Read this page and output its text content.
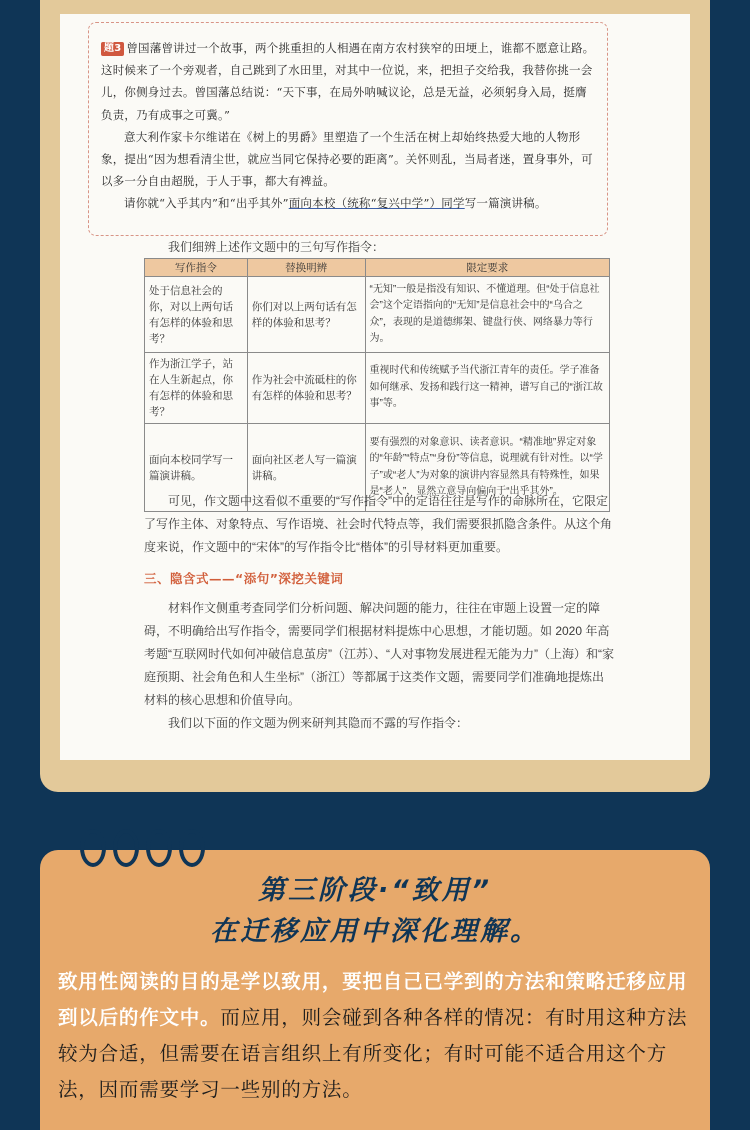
题3 曾国藩曾讲过一个故事，两个挑重担的人相遇在南方农村狭窄的田埂上，谁都不愿意让路。这时候来了一个旁观者，自己跳到了水田里，对其中一位说，来，把担子交给我，我替你挑一会儿，你侧身过去。曾国藩总结说：“天下事，在局外呐喊议论，总是无益，必须躬身入局，挺膺负责，乃有成事之可冀。”

意大利作家卡尔维诺在《树上的男爵》里塑造了一个生活在树上却始终热爱大地的人物形象，提出“因为想看清尘世，就应当同它保持必要的距离”。关怀则乱，当局者迷，置身事外，可以多一分自由超脱，于人于事，都大有裨益。

请你就“入乎其内”和“出乎其外”面向本校（统称“复兴中学”）同学写一篇演讲稿。

我们细辨上述作文题中的三句写作指令：

写作指令	替换明辨	限定要求
处于信息社会的你，对以上两句话有怎样的体验和思考？	你们对以上两句话有怎样的体验和思考？	“无知”一般是指没有知识、不懂道理。但“处于信息社会”这个定语指向的“无知”是信息社会中的“乌合之众”，表现的是道德绑架、键盘行侠、网络暴力等行为。
作为浙江学子，站在人生新起点，你有怎样的体验和思考？	作为社会中流砥柱的你有怎样的体验和思考？	重视时代和传统赋予当代浙江青年的责任。学子准备如何继承、发扬和践行这一精神，谱写自己的“浙江故事”等。
面向本校同学写一篇演讲稿。	面向社区老人写一篇演讲稿。	要有强烈的对象意识、读者意识。“精准地”界定对象的“年龄”“特点”“身份”等信息，说理就有针对性。以“学子”或“老人”为对象的演讲内容显然具有特殊性，如果是“老人”，显然立意导向偏向于“出乎其外”。

可见，作文题中这看似不重要的“写作指令”中的定语往往是写作的命脉所在，它限定了写作主体、对象特点、写作语境、社会时代特点等，我们需要狠抓隐含条件。从这个角度来说，作文题中的“宋体”的写作指令比“楷体”的引导材料更加重要。

三、隐含式——“添句”深挖关键词

材料作文侧重考查同学们分析问题、解决问题的能力，往往在审题上设置一定的障碍，不明确给出写作指令，需要同学们根据材料提炼中心思想，才能切题。如 2020 年高考题“互联网时代如何冲破信息茧房”（江苏）、“人对事物发展进程无能为力”（上海）和“家庭预期、社会角色和人生坐标”（浙江）等都属于这类作文题，需要同学们准确地提炼出材料的核心思想和价值导向。

我们以下面的作文题为例来研判其隐而不露的写作指令：

第三阶段·“致用”
在迁移应用中深化理解。
致用性阅读的目的是学以致用，要把自己已学到的方法和策略迁移应用到以后的作文中。而应用，则会碰到各种各样的情况：有时用这种方法较为合适，但需要在语言组织上有所变化；有时可能不适合用这个方法，因而需要学习一些别的方法。
